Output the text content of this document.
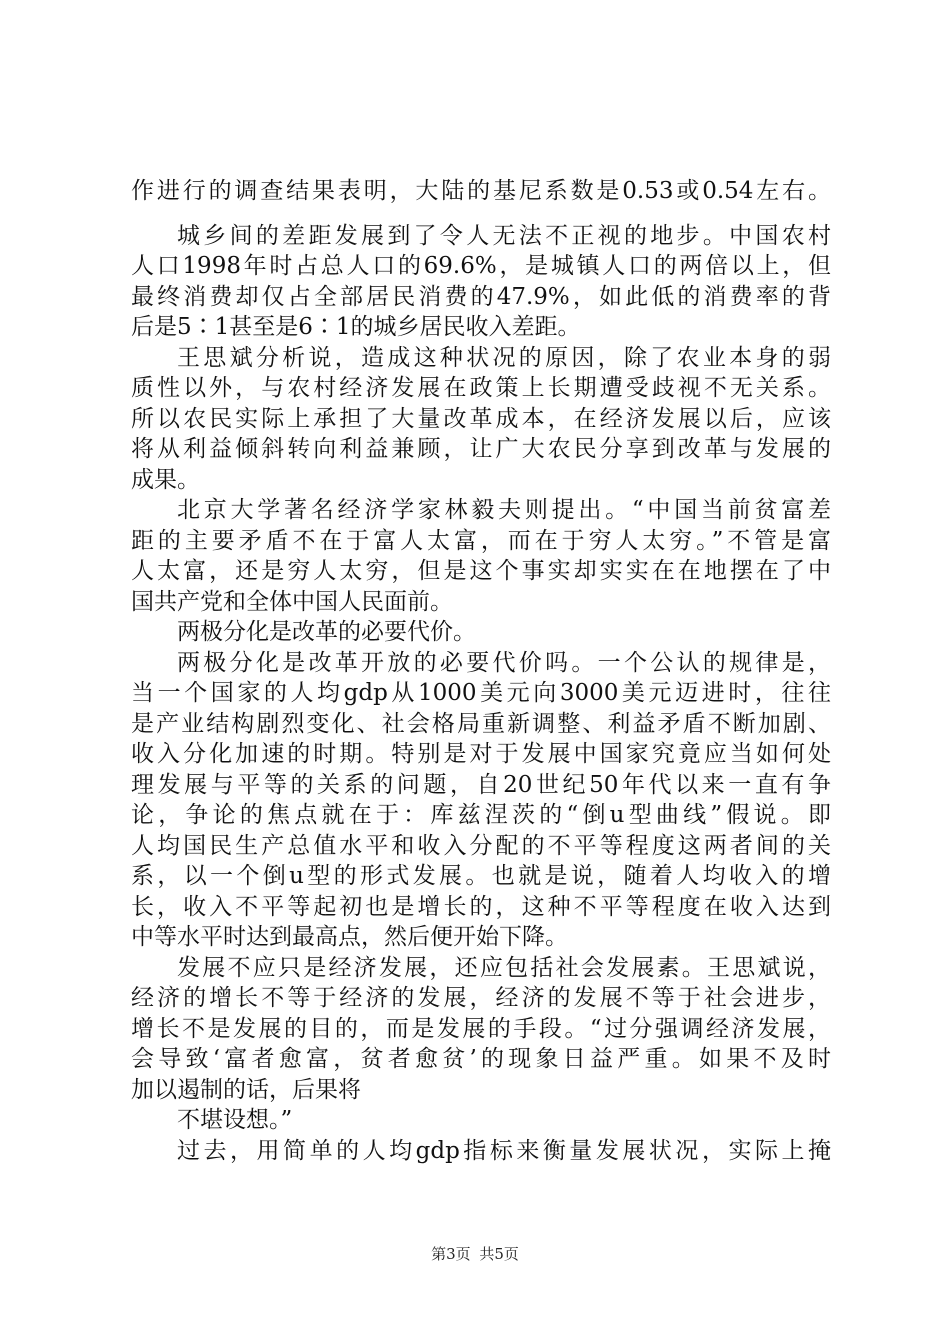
作进行的调查结果表明，大陆的基尼系数是0.53或0.54左右。
城乡间的差距发展到了令人无法不正视的地步。中国农村
人口1998年时占总人口的69.6%，是城镇人口的两倍以上，但
最终消费却仅占全部居民消费的47.9%，如此低的消费率的背
后是5∶1甚至是6∶1的城乡居民收入差距。
王思斌分析说，造成这种状况的原因，除了农业本身的弱
质性以外，与农村经济发展在政策上长期遭受歧视不无关系。
所以农民实际上承担了大量改革成本，在经济发展以后，应该
将从利益倾斜转向利益兼顾，让广大农民分享到改革与发展的
成果。
北京大学著名经济学家林毅夫则提出。“中国当前贫富差
距的主要矛盾不在于富人太富，而在于穷人太穷。”不管是富
人太富，还是穷人太穷，但是这个事实却实实在在地摆在了中
国共产党和全体中国人民面前。
两极分化是改革的必要代价。
两极分化是改革开放的必要代价吗。一个公认的规律是，
当一个国家的人均gdp从1000美元向3000美元迈进时，往往
是产业结构剧烈变化、社会格局重新调整、利益矛盾不断加剧、
收入分化加速的时期。特别是对于发展中国家究竟应当如何处
理发展与平等的关系的问题，自20世纪50年代以来一直有争
论，争论的焦点就在于：库兹涅茨的“倒u型曲线”假说。即
人均国民生产总值水平和收入分配的不平等程度这两者间的关
系，以一个倒u型的形式发展。也就是说，随着人均收入的增
长，收入不平等起初也是增长的，这种不平等程度在收入达到
中等水平时达到最高点，然后便开始下降。
发展不应只是经济发展，还应包括社会发展素。王思斌说，
经济的增长不等于经济的发展，经济的发展不等于社会进步，
增长不是发展的目的，而是发展的手段。“过分强调经济发展，
会导致‘富者愈富，贫者愈贫’的现象日益严重。如果不及时
加以遏制的话，后果将
不堪设想。”
过去，用简单的人均gdp指标来衡量发展状况，实际上掩
第3页 共5页
